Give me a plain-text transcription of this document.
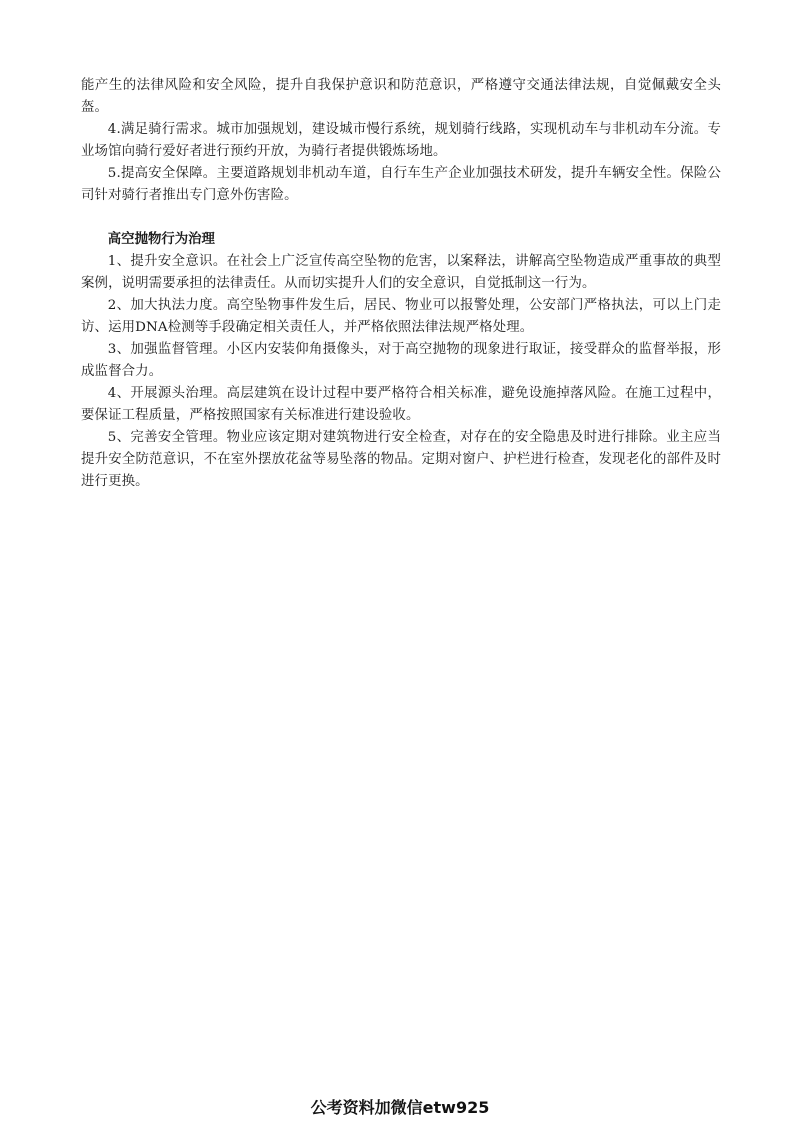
能产生的法律风险和安全风险，提升自我保护意识和防范意识，严格遵守交通法律法规，自觉佩戴安全头盔。

4.满足骑行需求。城市加强规划，建设城市慢行系统，规划骑行线路，实现机动车与非机动车分流。专业场馆向骑行爱好者进行预约开放，为骑行者提供锻炼场地。

5.提高安全保障。主要道路规划非机动车道，自行车生产企业加强技术研发，提升车辆安全性。保险公司针对骑行者推出专门意外伤害险。

高空抛物行为治理

1、提升安全意识。在社会上广泛宣传高空坠物的危害，以案释法，讲解高空坠物造成严重事故的典型案例，说明需要承担的法律责任。从而切实提升人们的安全意识，自觉抵制这一行为。

2、加大执法力度。高空坠物事件发生后，居民、物业可以报警处理，公安部门严格执法，可以上门走访、运用DNA检测等手段确定相关责任人，并严格依照法律法规严格处理。

3、加强监督管理。小区内安装仰角摄像头，对于高空抛物的现象进行取证，接受群众的监督举报，形成监督合力。

4、开展源头治理。高层建筑在设计过程中要严格符合相关标准，避免设施掉落风险。在施工过程中，要保证工程质量，严格按照国家有关标准进行建设验收。

5、完善安全管理。物业应该定期对建筑物进行安全检查，对存在的安全隐患及时进行排除。业主应当提升安全防范意识，不在室外摆放花盆等易坠落的物品。定期对窗户、护栏进行检查，发现老化的部件及时进行更换。

公考资料加微信etw925
